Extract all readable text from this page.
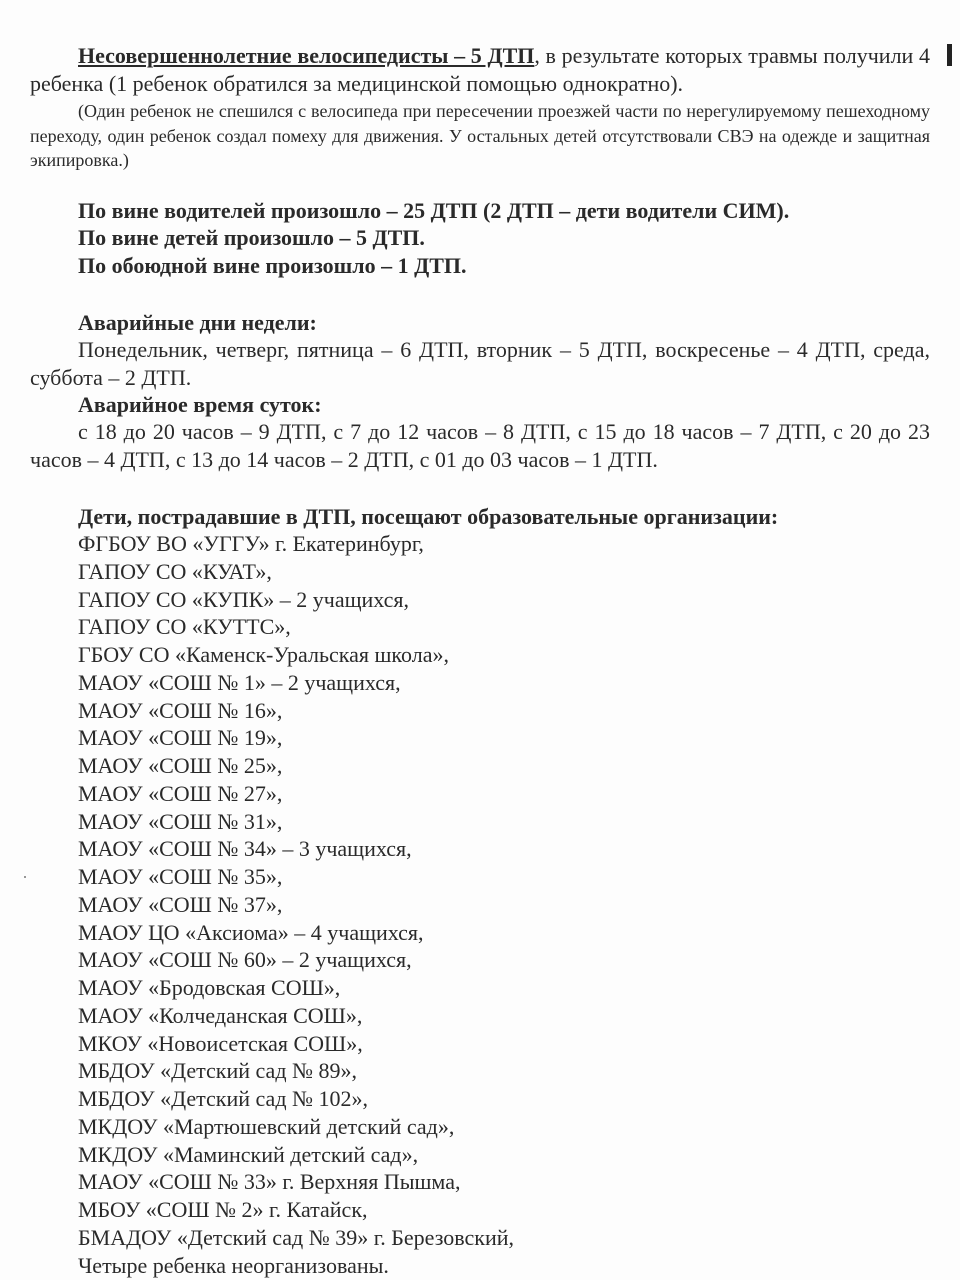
Несовершеннолетние велосипедисты – 5 ДТП, в результате которых травмы получили 4 ребенка (1 ребенок обратился за медицинской помощью однократно).

(Один ребенок не спешился с велосипеда при пересечении проезжей части по нерегулируемому пешеходному переходу, один ребенок создал помеху для движения. У остальных детей отсутствовали СВЭ на одежде и защитная экипировка.)

По вине водителей произошло – 25 ДТП (2 ДТП – дети водители СИМ).

По вине детей произошло – 5 ДТП.

По обоюдной вине произошло – 1 ДТП.

Аварийные дни недели:

Понедельник, четверг, пятница – 6 ДТП, вторник – 5 ДТП, воскресенье – 4 ДТП, среда, суббота – 2 ДТП.

Аварийное время суток:

с 18 до 20 часов – 9 ДТП, с 7 до 12 часов – 8 ДТП, с 15 до 18 часов – 7 ДТП, с 20 до 23 часов – 4 ДТП, с 13 до 14 часов – 2 ДТП, с 01 до 03 часов – 1 ДТП.

Дети, пострадавшие в ДТП, посещают образовательные организации:

ФГБОУ ВО «УГГУ» г. Екатеринбург,
ГАПОУ СО «КУАТ»,
ГАПОУ СО «КУПК» – 2 учащихся,
ГАПОУ СО «КУТТС»,
ГБОУ СО «Каменск-Уральская школа»,
МАОУ «СОШ № 1» – 2 учащихся,
МАОУ «СОШ № 16»,
МАОУ «СОШ № 19»,
МАОУ «СОШ № 25»,
МАОУ «СОШ № 27»,
МАОУ «СОШ № 31»,
МАОУ «СОШ № 34» – 3 учащихся,
МАОУ «СОШ № 35»,
МАОУ «СОШ № 37»,
МАОУ ЦО «Аксиома» – 4 учащихся,
МАОУ «СОШ № 60» – 2 учащихся,
МАОУ «Бродовская СОШ»,
МАОУ «Колчеданская СОШ»,
МКОУ «Новоисетская СОШ»,
МБДОУ «Детский сад № 89»,
МБДОУ «Детский сад № 102»,
МКДОУ «Мартюшевский детский сад»,
МКДОУ «Маминский детский сад»,
МАОУ «СОШ № 33» г. Верхняя Пышма,
МБОУ «СОШ № 2» г. Катайск,
БМАДОУ «Детский сад № 39» г. Березовский,
Четыре ребенка неорганизованы.
